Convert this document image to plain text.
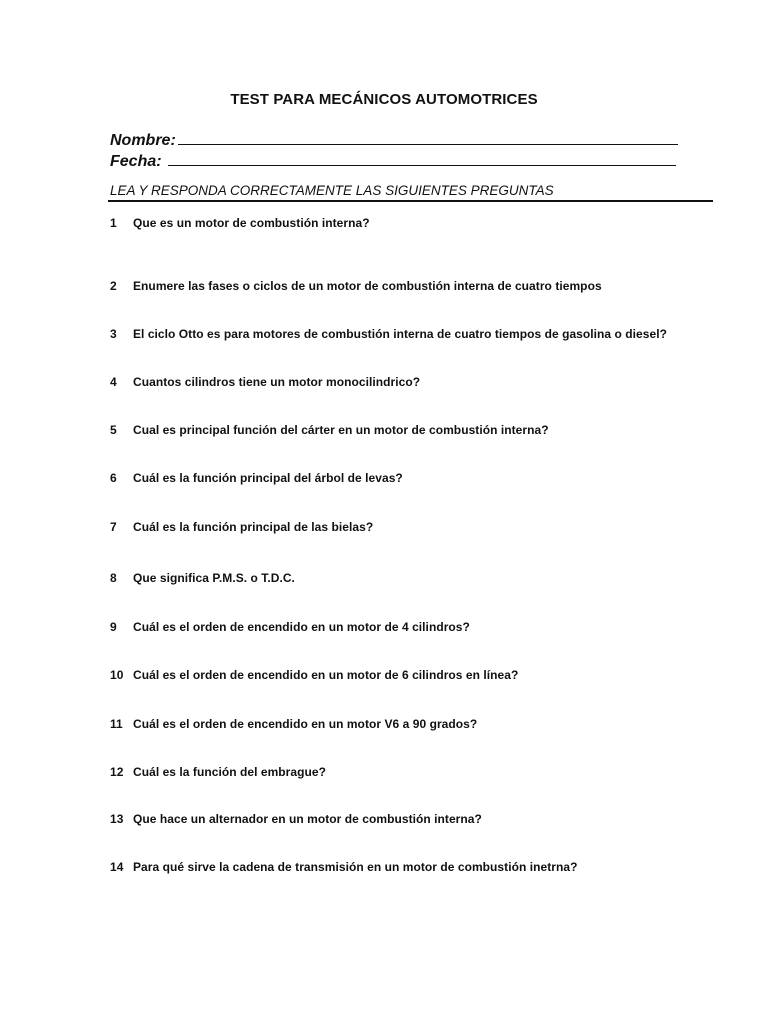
TEST PARA MECÁNICOS AUTOMOTRICES
Nombre:
Fecha:
LEA Y RESPONDA CORRECTAMENTE LAS SIGUIENTES PREGUNTAS
1 Que es un motor de combustión interna?
2 Enumere las fases o ciclos de un motor de combustión interna de cuatro tiempos
3 El ciclo Otto es para motores de combustión interna de cuatro tiempos de gasolina o diesel?
4 Cuantos cilindros tiene un motor monocilindrico?
5 Cual es principal función del cárter en un motor de combustión interna?
6 Cuál es la función principal del árbol de levas?
7 Cuál es la función principal de las bielas?
8 Que significa P.M.S. o T.D.C.
9 Cuál es el orden de encendido en un motor de 4 cilindros?
10 Cuál es el orden de encendido en un motor de 6 cilindros en línea?
11 Cuál es el orden de encendido en un motor V6 a 90 grados?
12 Cuál es la función del embrague?
13 Que hace un alternador en un motor de combustión interna?
14 Para qué sirve la cadena de transmisión en un motor de combustión inetrna?
